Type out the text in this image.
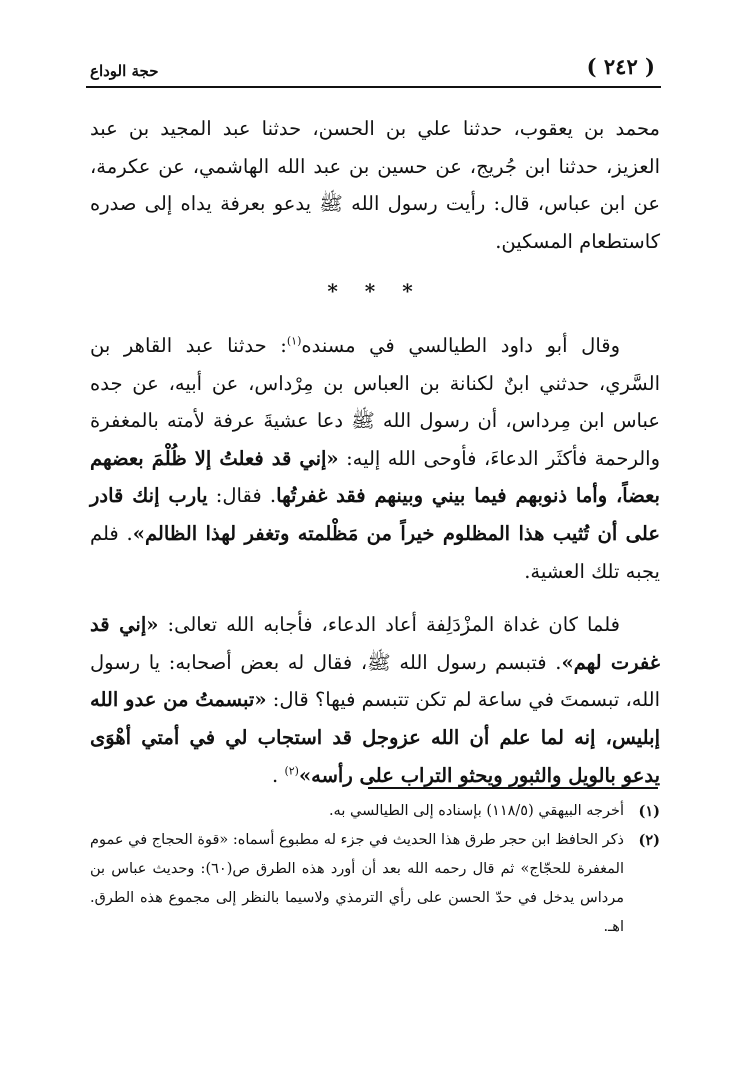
( ٢٤٢ )
حجة الوداع

محمد بن يعقوب، حدثنا علي بن الحسن، حدثنا عبد المجيد بن عبد العزيز، حدثنا ابن جُريج، عن حسين بن عبد الله الهاشمي، عن عكرمة، عن ابن عباس، قال: رأيت رسول الله ﷺ يدعو بعرفة يداه إلى صدره كاستطعام المسكين.

* * *

وقال أبو داود الطيالسي في مسنده$^{(١)}$: حدثنا عبد القاهر بن السَّري، حدثني ابنٌ لكنانة بن العباس بن مِرْداس، عن أبيه، عن جده عباس ابن مِرداس، أن رسول الله ﷺ دعا عشيةَ عرفة لأمته بالمغفرة والرحمة فأكثَر الدعاءَ، فأوحى الله إليه: «إني قد فعلتُ إلا ظُلْمَ بعضهم بعضاً، وأما ذنوبهم فيما بيني وبينهم فقد غفرتُها. فقال: يارب إنك قادر على أن تُثيب هذا المظلوم خيراً من مَظْلمته وتغفر لهذا الظالم». فلم يجبه تلك العشية.

فلما كان غداة المزْدَلِفة أعاد الدعاء، فأجابه الله تعالى: «إني قد غفرت لهم». فتبسم رسول الله ﷺ، فقال له بعض أصحابه: يا رسول الله، تبسمتَ في ساعة لم تكن تتبسم فيها؟ قال: «تبسمتُ من عدو الله إبليس، إنه لما علم أن الله عزوجل قد استجاب لي في أمتي أهْوَى يدعو بالويل والثبور ويحثو التراب على رأسه»$^{(٢)}$ .

(١)
أخرجه البيهقي (١١٨/٥) بإسناده إلى الطيالسي به.
(٢)
ذكر الحافظ ابن حجر طرق هذا الحديث في جزء له مطبوع أسماه: «قوة الحجاج في عموم المغفرة للحجّاج» ثم قال رحمه الله بعد أن أورد هذه الطرق ص(٦٠): وحديث عباس بن مرداس يدخل في حدّ الحسن على رأي الترمذي ولاسيما بالنظر إلى مجموع هذه الطرق. اهـ.
